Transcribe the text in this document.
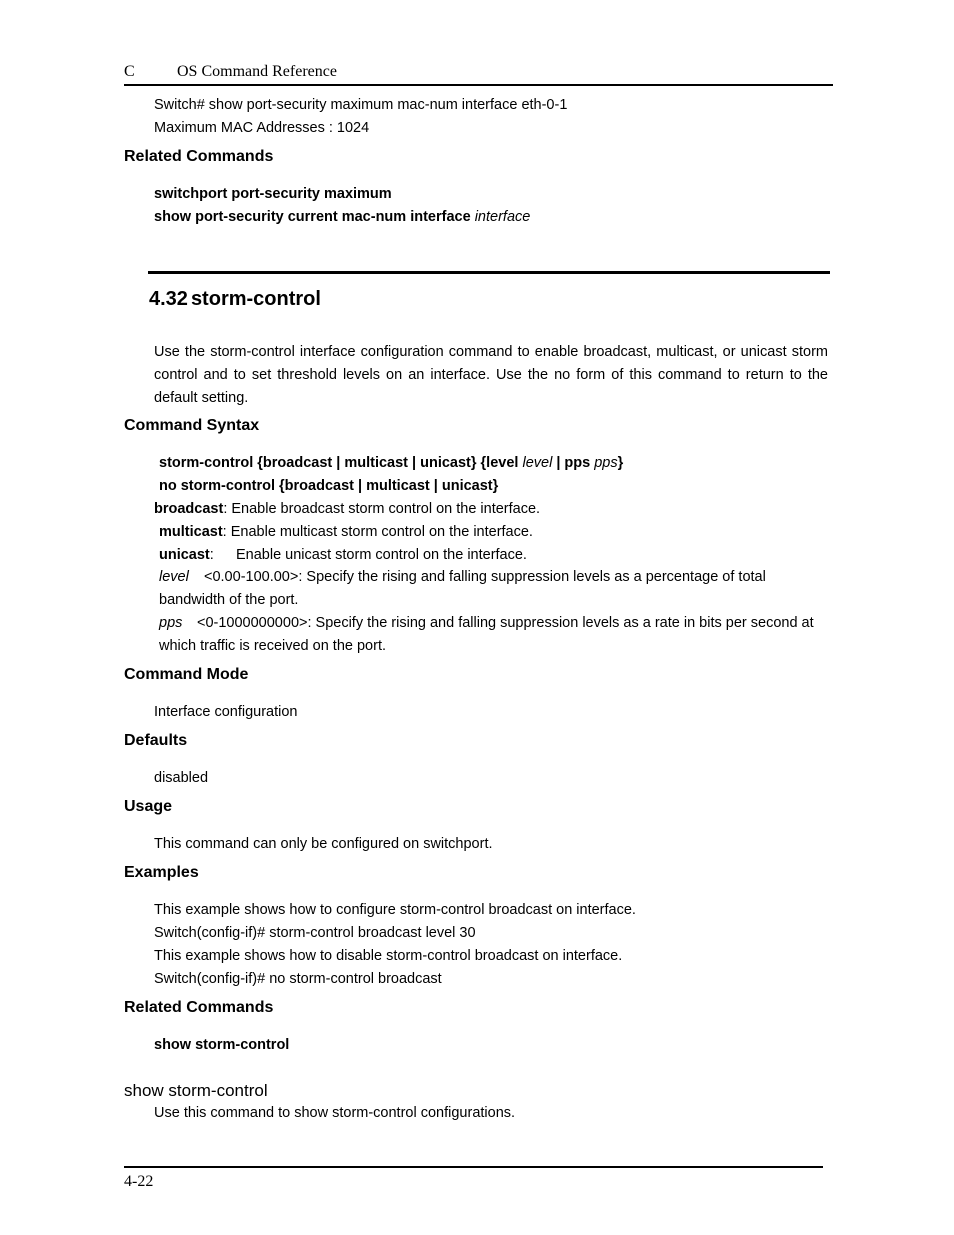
C	OS Command Reference
Switch# show port-security maximum mac-num interface eth-0-1
Maximum MAC Addresses : 1024
Related Commands
switchport port-security maximum
show port-security current mac-num interface interface
4.32 storm-control
Use the storm-control interface configuration command to enable broadcast, multicast, or unicast storm control and to set threshold levels on an interface. Use the no form of this command to return to the default setting.
Command Syntax
storm-control {broadcast | multicast | unicast} {level level | pps pps}
no storm-control {broadcast | multicast | unicast}
broadcast: Enable broadcast storm control on the interface.
multicast: Enable multicast storm control on the interface.
unicast: Enable unicast storm control on the interface.
level <0.00-100.00>: Specify the rising and falling suppression levels as a percentage of total
bandwidth of the port.
pps <0-1000000000>: Specify the rising and falling suppression levels as a rate in bits per second at
which traffic is received on the port.
Command Mode
Interface configuration
Defaults
disabled
Usage
This command can only be configured on switchport.
Examples
This example shows how to configure storm-control broadcast on interface.
Switch(config-if)# storm-control broadcast level 30
This example shows how to disable storm-control broadcast on interface.
Switch(config-if)# no storm-control broadcast
Related Commands
show storm-control
show storm-control
Use this command to show storm-control configurations.
4-22
